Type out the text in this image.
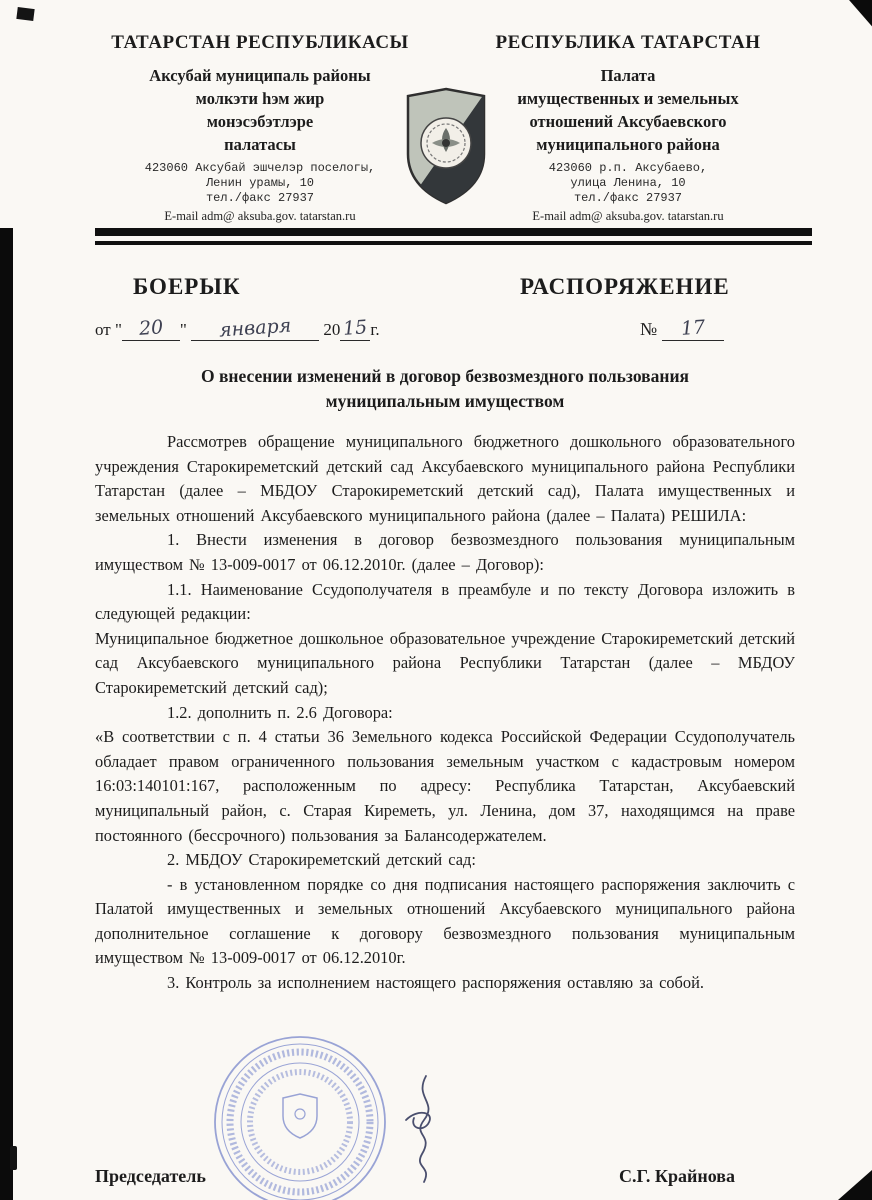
ТАТАРСТАН РЕСПУБЛИКАСЫ
Аксубай муниципаль районы
молкэти һэм жир
монэсэбэтлэре
палатасы
423060 Аксубай эшчелэр поселогы,
Ленин урамы, 10
тел./факс 27937
E-mail adm@ aksuba.gov. tatarstan.ru
РЕСПУБЛИКА ТАТАРСТАН
Палата
имущественных и земельных
отношений Аксубаевского
муниципального района
423060 р.п. Аксубаево,
улица Ленина, 10
тел./факс 27937
E-mail adm@ aksuba.gov. tatarstan.ru
БОЕРЫК	РАСПОРЯЖЕНИЕ
от " 20 " января 20 15 г.	№ 17
О внесении изменений в договор безвозмездного пользования
муниципальным имуществом

Рассмотрев обращение муниципального бюджетного дошкольного образовательного учреждения Старокиреметский детский сад Аксубаевского муниципального района Республики Татарстан (далее – МБДОУ Старокиреметский детский сад), Палата имущественных и земельных отношений Аксубаевского муниципального района (далее – Палата) РЕШИЛА:

1. Внести изменения в договор безвозмездного пользования муниципальным имуществом № 13-009-0017 от 06.12.2010г. (далее – Договор):

1.1. Наименование Ссудополучателя в преамбуле и по тексту Договора изложить в следующей редакции:

Муниципальное бюджетное дошкольное образовательное учреждение Старокиреметский детский сад Аксубаевского муниципального района Республики Татарстан (далее – МБДОУ Старокиреметский детский сад);

1.2. дополнить п. 2.6 Договора:

«В соответствии с п. 4 статьи 36 Земельного кодекса Российской Федерации Ссудополучатель обладает правом ограниченного пользования земельным участком с кадастровым номером 16:03:140101:167, расположенным по адресу: Республика Татарстан, Аксубаевский муниципальный район, с. Старая Киреметь, ул. Ленина, дом 37, находящимся на праве постоянного (бессрочного) пользования за Балансодержателем.

2. МБДОУ Старокиреметский детский сад:

- в установленном порядке со дня подписания настоящего распоряжения заключить с Палатой имущественных и земельных отношений Аксубаевского муниципального района дополнительное соглашение к договору безвозмездного пользования муниципальным имуществом № 13-009-0017 от 06.12.2010г.

3. Контроль за исполнением настоящего распоряжения оставляю за собой.

Председатель	С.Г. Крайнова
